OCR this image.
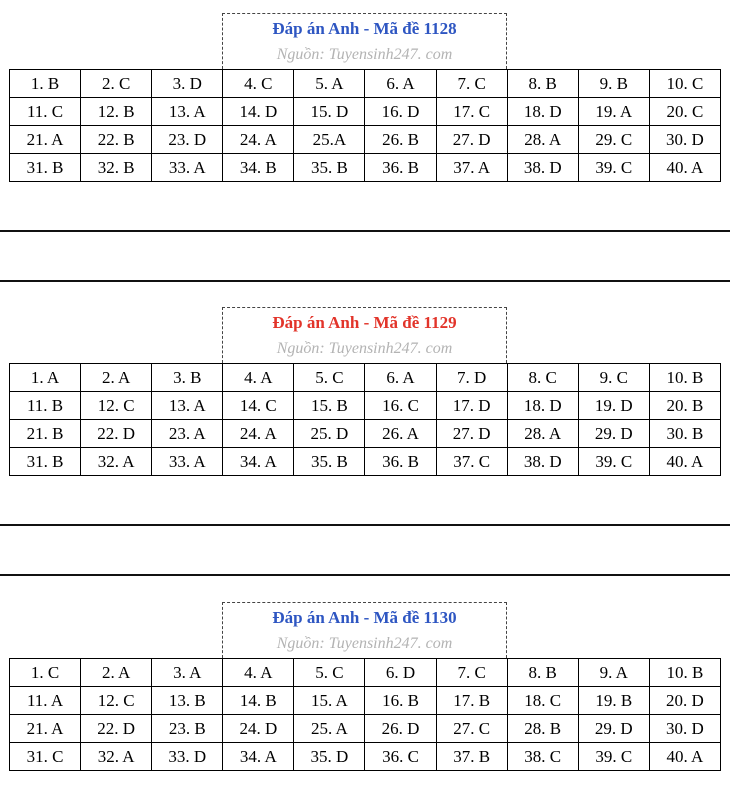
Đáp án Anh - Mã đề 1128
Nguồn: Tuyensinh247. com
1. B	2. C	3. D	4. C	5. A	6. A	7. C	8. B	9. B	10. C
11. C	12. B	13. A	14. D	15. D	16. D	17. C	18. D	19. A	20. C
21. A	22. B	23. D	24. A	25.A	26. B	27. D	28. A	29. C	30. D
31. B	32. B	33. A	34. B	35. B	36. B	37. A	38. D	39. C	40. A
Đáp án Anh - Mã đề 1129
Nguồn: Tuyensinh247. com
1. A	2. A	3. B	4. A	5. C	6. A	7. D	8. C	9. C	10. B
11. B	12. C	13. A	14. C	15. B	16. C	17. D	18. D	19. D	20. B
21. B	22. D	23. A	24. A	25. D	26. A	27. D	28. A	29. D	30. B
31. B	32. A	33. A	34. A	35. B	36. B	37. C	38. D	39. C	40. A
Đáp án Anh - Mã đề 1130
Nguồn: Tuyensinh247. com
1. C	2. A	3. A	4. A	5. C	6. D	7. C	8. B	9. A	10. B
11. A	12. C	13. B	14. B	15. A	16. B	17. B	18. C	19. B	20. D
21. A	22. D	23. B	24. D	25. A	26. D	27. C	28. B	29. D	30. D
31. C	32. A	33. D	34. A	35. D	36. C	37. B	38. C	39. C	40. A
